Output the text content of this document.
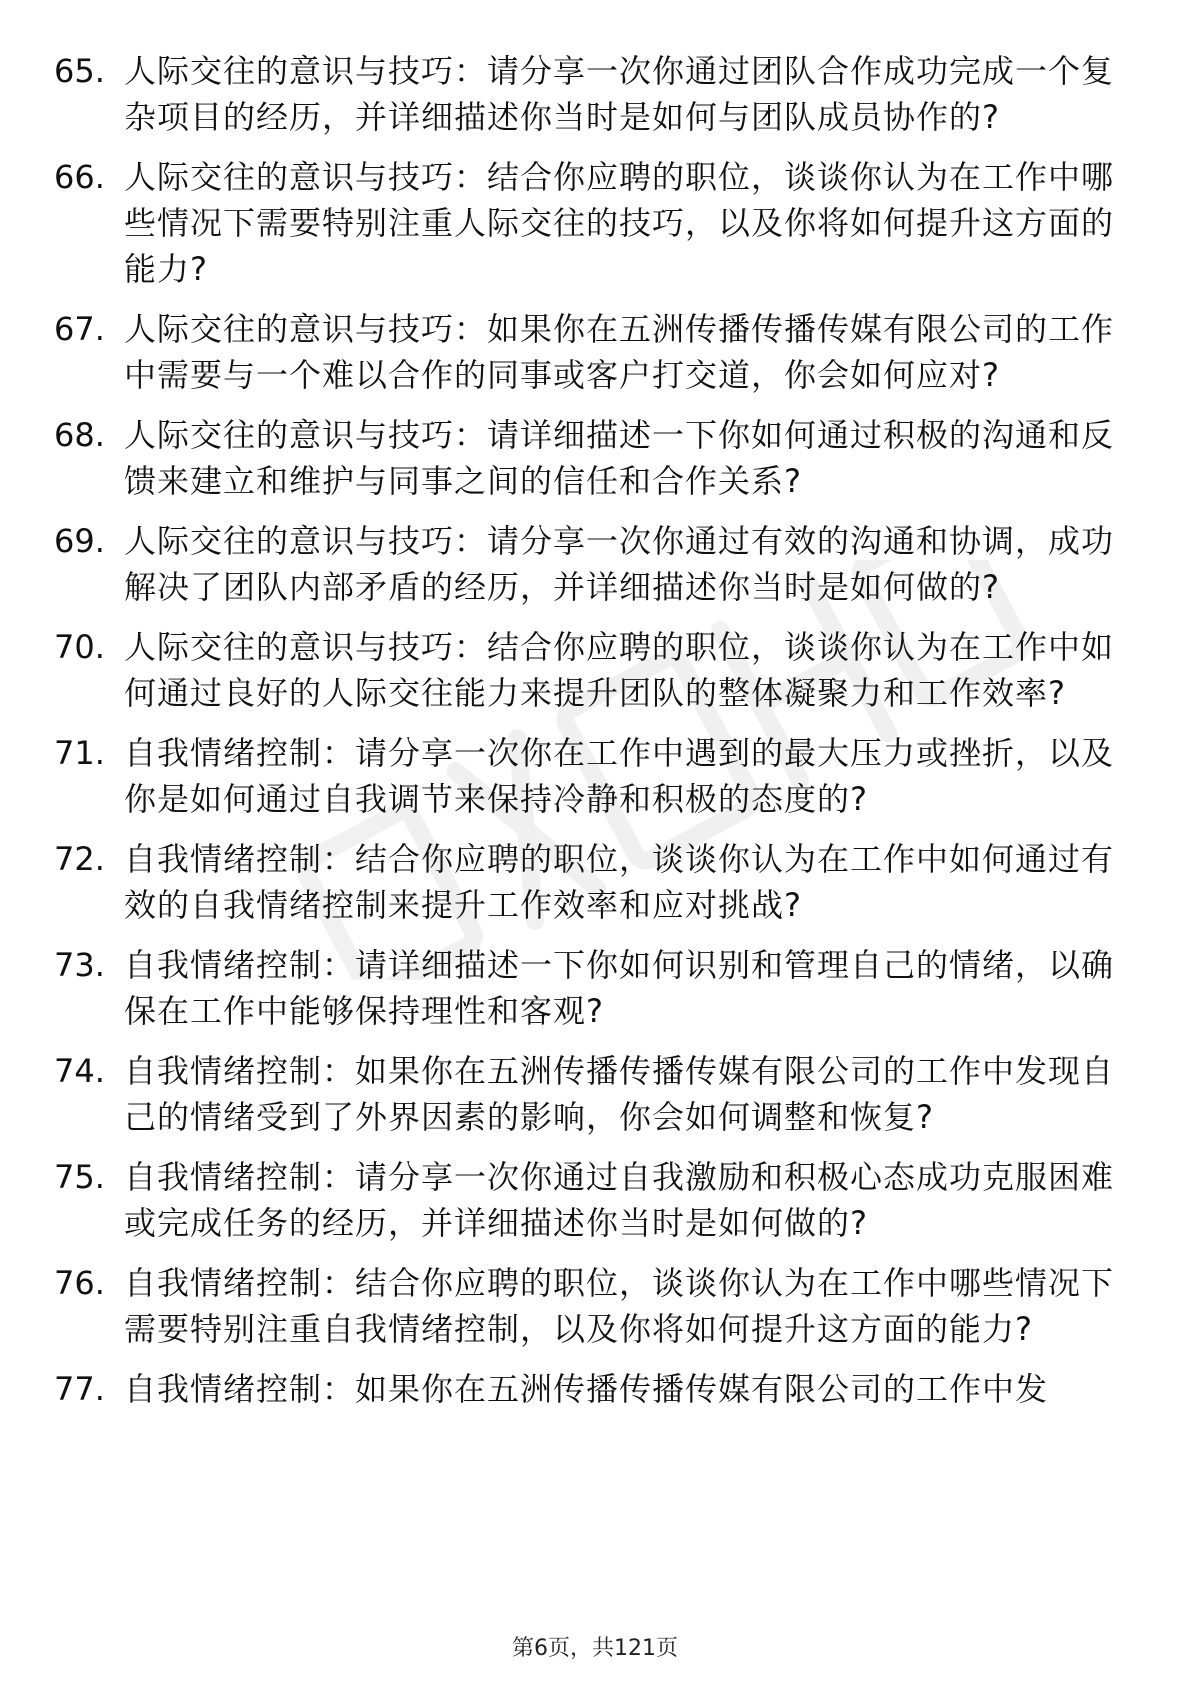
65. 人际交往的意识与技巧：请分享一次你通过团队合作成功完成一个复杂项目的经历，并详细描述你当时是如何与团队成员协作的?
66. 人际交往的意识与技巧：结合你应聘的职位，谈谈你认为在工作中哪些情况下需要特别注重人际交往的技巧，以及你将如何提升这方面的能力?
67. 人际交往的意识与技巧：如果你在五洲传播传播传媒有限公司的工作中需要与一个难以合作的同事或客户打交道，你会如何应对?
68. 人际交往的意识与技巧：请详细描述一下你如何通过积极的沟通和反馈来建立和维护与同事之间的信任和合作关系?
69. 人际交往的意识与技巧：请分享一次你通过有效的沟通和协调，成功解决了团队内部矛盾的经历，并详细描述你当时是如何做的?
70. 人际交往的意识与技巧：结合你应聘的职位，谈谈你认为在工作中如何通过良好的人际交往能力来提升团队的整体凝聚力和工作效率?
71. 自我情绪控制：请分享一次你在工作中遇到的最大压力或挫折，以及你是如何通过自我调节来保持冷静和积极的态度的?
72. 自我情绪控制：结合你应聘的职位，谈谈你认为在工作中如何通过有效的自我情绪控制来提升工作效率和应对挑战?
73. 自我情绪控制：请详细描述一下你如何识别和管理自己的情绪，以确保在工作中能够保持理性和客观?
74. 自我情绪控制：如果你在五洲传播传播传媒有限公司的工作中发现自己的情绪受到了外界因素的影响，你会如何调整和恢复?
75. 自我情绪控制：请分享一次你通过自我激励和积极心态成功克服困难或完成任务的经历，并详细描述你当时是如何做的?
76. 自我情绪控制：结合你应聘的职位，谈谈你认为在工作中哪些情况下需要特别注重自我情绪控制，以及你将如何提升这方面的能力?
77. 自我情绪控制：如果你在五洲传播传播传媒有限公司的工作中发
第6页，共121页
